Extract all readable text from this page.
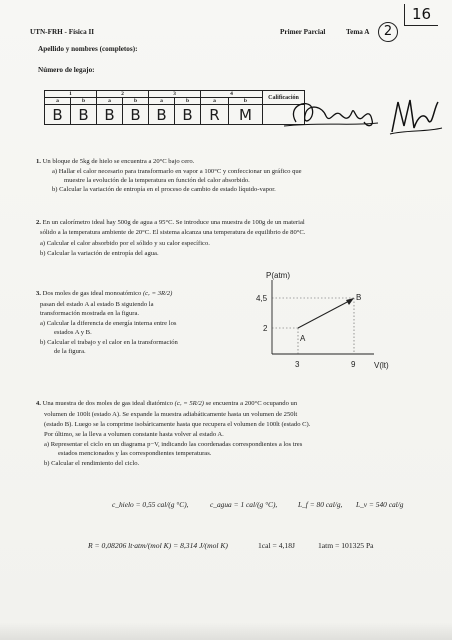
UTN-FRH - Física II	Primer Parcial	Tema A	2
16
Apellido y nombres (completos):
Número de legajo:
1		2		3		4		Calificación
a	b	a	b	a	b	a	b	
B	B	B	B	B	B	R	M	
1. Un bloque de 5kg de hielo se encuentra a 20°C bajo cero.
a) Hallar el calor necesario para transformarlo en vapor a 100°C y confeccionar un gráfico que
muestre la evolución de la temperatura en función del calor absorbido.
b) Calcular la variación de entropía en el proceso de cambio de estado líquido-vapor.
2. En un calorímetro ideal hay 500g de agua a 95°C. Se introduce una muestra de 100g de un material
sólido a la temperatura ambiente de 20°C. El sistema alcanza una temperatura de equilibrio de 80°C.
a) Calcular el calor absorbido por el sólido y su calor específico.
b) Calcular la variación de entropía del agua.
3. Dos moles de gas ideal monoatómico (cᵥ = 3R/2)
pasan del estado A al estado B siguiendo la
transformación mostrada en la figura.
a) Calcular la diferencia de energía interna entre los
estados A y B.
b) Calcular el trabajo y el calor en la transformación
de la figura.
P(atm)
V(lt)
4,5
2
3	9
A
B
4. Una muestra de dos moles de gas ideal diatómico (cᵥ = 5R/2) se encuentra a 200°C ocupando un
volumen de 100lt (estado A). Se expande la muestra adiabáticamente hasta un volumen de 250lt
(estado B). Luego se la comprime isobáricamente hasta que recupera el volumen de 100lt (estado C).
Por último, se la lleva a volumen constante hasta volver al estado A.
a) Representar el ciclo en un diagrama p−V, indicando las coordenadas correspondientes a los tres
estados mencionados y las correspondientes temperaturas.
b) Calcular el rendimiento del ciclo.
c_hielo = 0,55 cal/(g °C),	c_agua = 1 cal/(g °C),	L_f = 80 cal/g, L_v = 540 cal/g
R = 0,08206 lt·atm/(mol K) = 8,314 J/(mol K)	1cal = 4,18J	1atm = 101325 Pa
